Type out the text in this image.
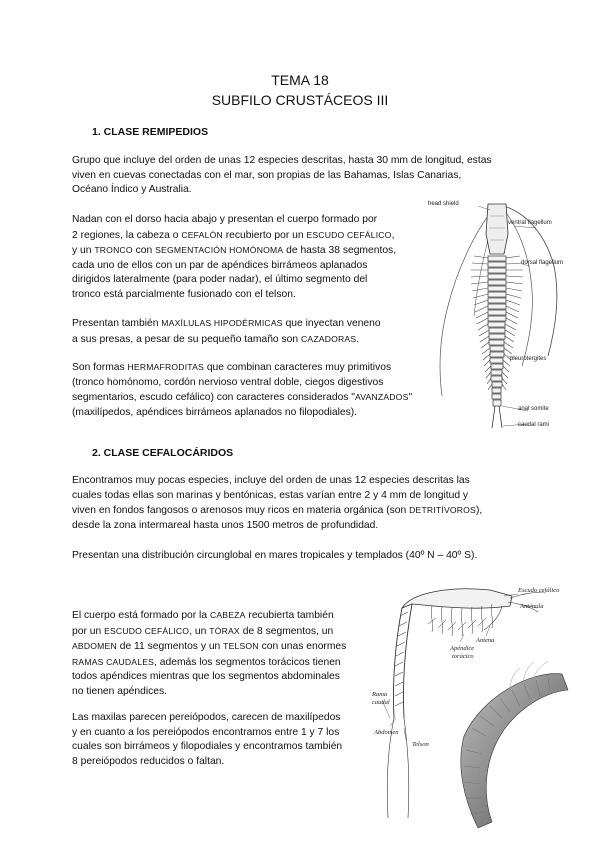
TEMA 18
SUBFILO CRUSTÁCEOS III
1. CLASE REMIPEDIOS
Grupo que incluye del orden de unas 12 especies descritas, hasta 30 mm de longitud, estas
viven en cuevas conectadas con el mar, son propias de las Bahamas, Islas Canarias,
Océano Índico y Australia.
Nadan con el dorso hacia abajo y presentan el cuerpo formado por
2 regiones, la cabeza o CEFALÓN recubierto por un ESCUDO CEFÁLICO,
y un TRONCO con SEGMENTACIÓN HOMÓNOMA de hasta 38 segmentos,
cada uno de ellos con un par de apéndices birrámeos aplanados
dirigidos lateralmente (para poder nadar), el último segmento del
tronco está parcialmente fusionado con el telson.
Presentan también MAXÍLULAS HIPODÉRMICAS que inyectan veneno
a sus presas, a pesar de su pequeño tamaño son CAZADORAS.
Son formas HERMAFRODITAS que combinan caracteres muy primitivos
(tronco homónomo, cordón nervioso ventral doble, ciegos digestivos
segmentarios, escudo cefálico) con caracteres considerados "AVANZADOS"
(maxilípedos, apéndices birrámeos aplanados no filopodiales).
head shield
ventral flagellum
dorsal flagellum
pleurotergites
anal somite
caudal rami
2. CLASE CEFALOCÁRIDOS
Encontramos muy pocas especies, incluye del orden de unas 12 especies descritas las
cuales todas ellas son marinas y bentónicas, estas varían entre 2 y 4 mm de longitud y
viven en fondos fangosos o arenosos muy ricos en materia orgánica (son DETRITÍVOROS),
desde la zona intermareal hasta unos 1500 metros de profundidad.
Presentan una distribución circunglobal en mares tropicales y templados (40º N – 40º S).
El cuerpo está formado por la CABEZA recubierta también
por un ESCUDO CEFÁLICO, un TÓRAX de 8 segmentos, un
ABDOMEN de 11 segmentos y un TELSON con unas enormes
RAMAS CAUDALES, además los segmentos torácicos tienen
todos apéndices mientras que los segmentos abdominales
no tienen apéndices.
Las maxilas parecen pereiópodos, carecen de maxilípedos
y en cuanto a los pereiópodos encontramos entre 1 y 7 los
cuales son birrámeos y filopodiales y encontramos también
8 pereiópodos reducidos o faltan.
Escudo cefálico
Anténula
Antena
Apéndice
torácico
Abdomen
Telson
Rama
caudal
